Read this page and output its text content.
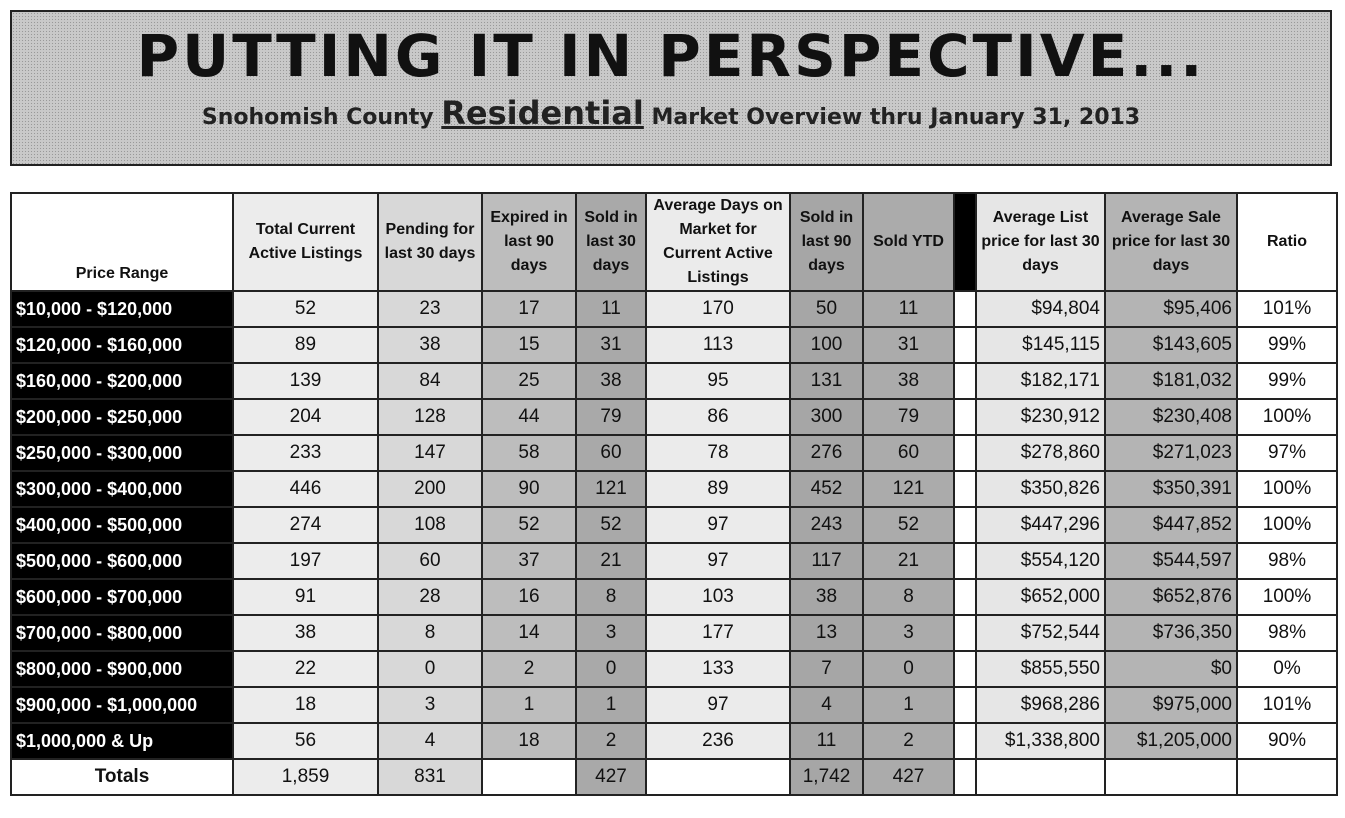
PUTTING IT IN PERSPECTIVE...
Snohomish County Residential Market Overview thru January 31, 2013
Price Range	Total Current Active Listings	Pending for last 30 days	Expired in last 90 days	Sold in last 30 days	Average Days on Market for Current Active Listings	Sold in last 90 days	Sold YTD		Average List price for last 30 days	Average Sale price for last 30 days	Ratio
$10,000 - $120,000	52	23	17	11	170	50	11		$94,804	$95,406	101%
$120,000 - $160,000	89	38	15	31	113	100	31		$145,115	$143,605	99%
$160,000 - $200,000	139	84	25	38	95	131	38		$182,171	$181,032	99%
$200,000 - $250,000	204	128	44	79	86	300	79		$230,912	$230,408	100%
$250,000 - $300,000	233	147	58	60	78	276	60		$278,860	$271,023	97%
$300,000 - $400,000	446	200	90	121	89	452	121		$350,826	$350,391	100%
$400,000 - $500,000	274	108	52	52	97	243	52		$447,296	$447,852	100%
$500,000 - $600,000	197	60	37	21	97	117	21		$554,120	$544,597	98%
$600,000 - $700,000	91	28	16	8	103	38	8		$652,000	$652,876	100%
$700,000 - $800,000	38	8	14	3	177	13	3		$752,544	$736,350	98%
$800,000 - $900,000	22	0	2	0	133	7	0		$855,550	$0	0%
$900,000 - $1,000,000	18	3	1	1	97	4	1		$968,286	$975,000	101%
$1,000,000 & Up	56	4	18	2	236	11	2		$1,338,800	$1,205,000	90%
Totals	1,859	831		427		1,742	427				
